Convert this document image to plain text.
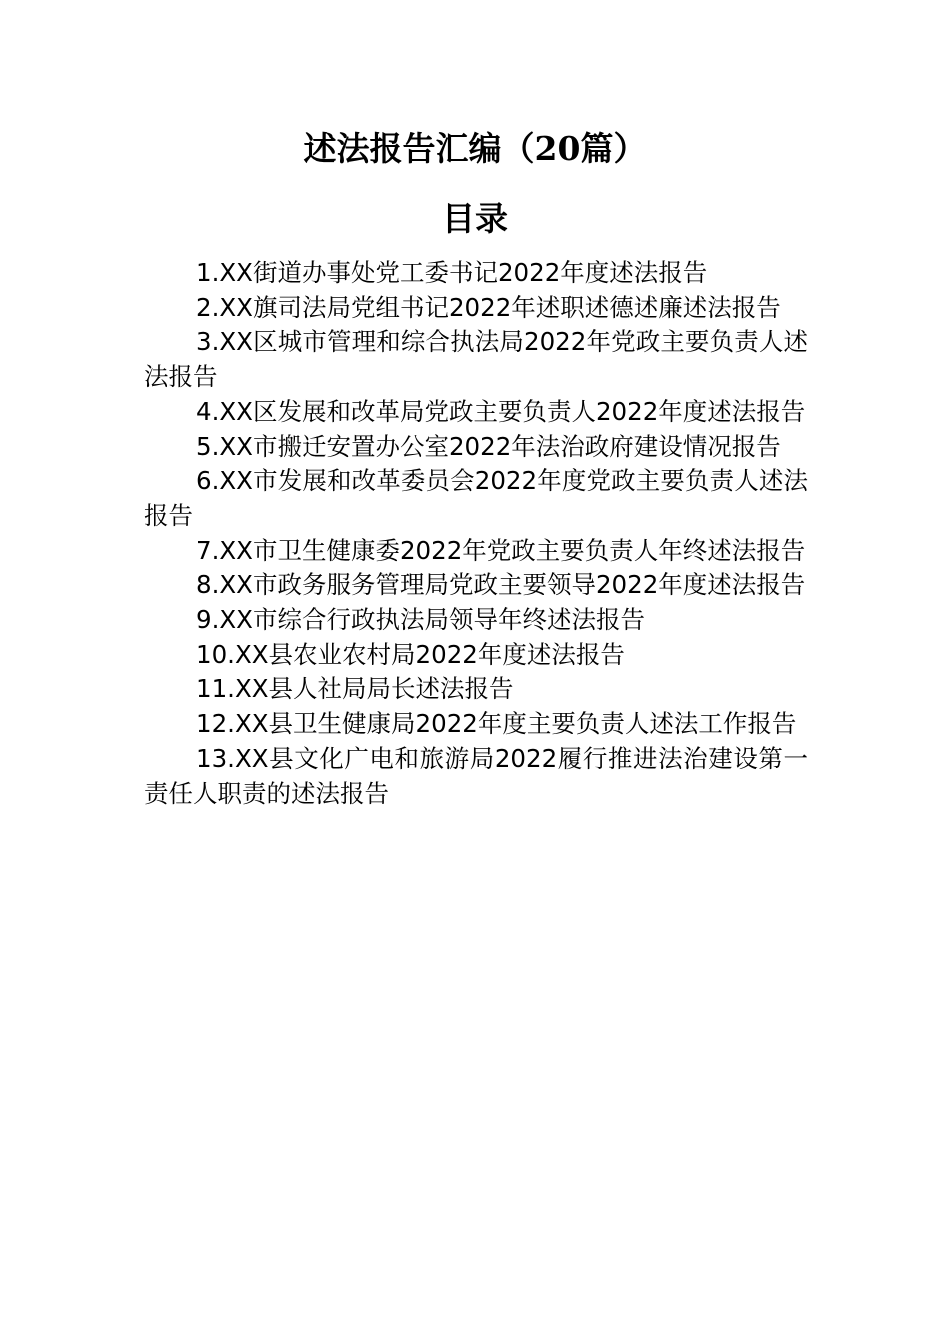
述法报告汇编（20篇）
目录
1.XX街道办事处党工委书记2022年度述法报告
2.XX旗司法局党组书记2022年述职述德述廉述法报告
3.XX区城市管理和综合执法局2022年党政主要负责人述法报告
4.XX区发展和改革局党政主要负责人2022年度述法报告
5.XX市搬迁安置办公室2022年法治政府建设情况报告
6.XX市发展和改革委员会2022年度党政主要负责人述法报告
7.XX市卫生健康委2022年党政主要负责人年终述法报告
8.XX市政务服务管理局党政主要领导2022年度述法报告
9.XX市综合行政执法局领导年终述法报告
10.XX县农业农村局2022年度述法报告
11.XX县人社局局长述法报告
12.XX县卫生健康局2022年度主要负责人述法工作报告
13.XX县文化广电和旅游局2022履行推进法治建设第一责任人职责的述法报告
